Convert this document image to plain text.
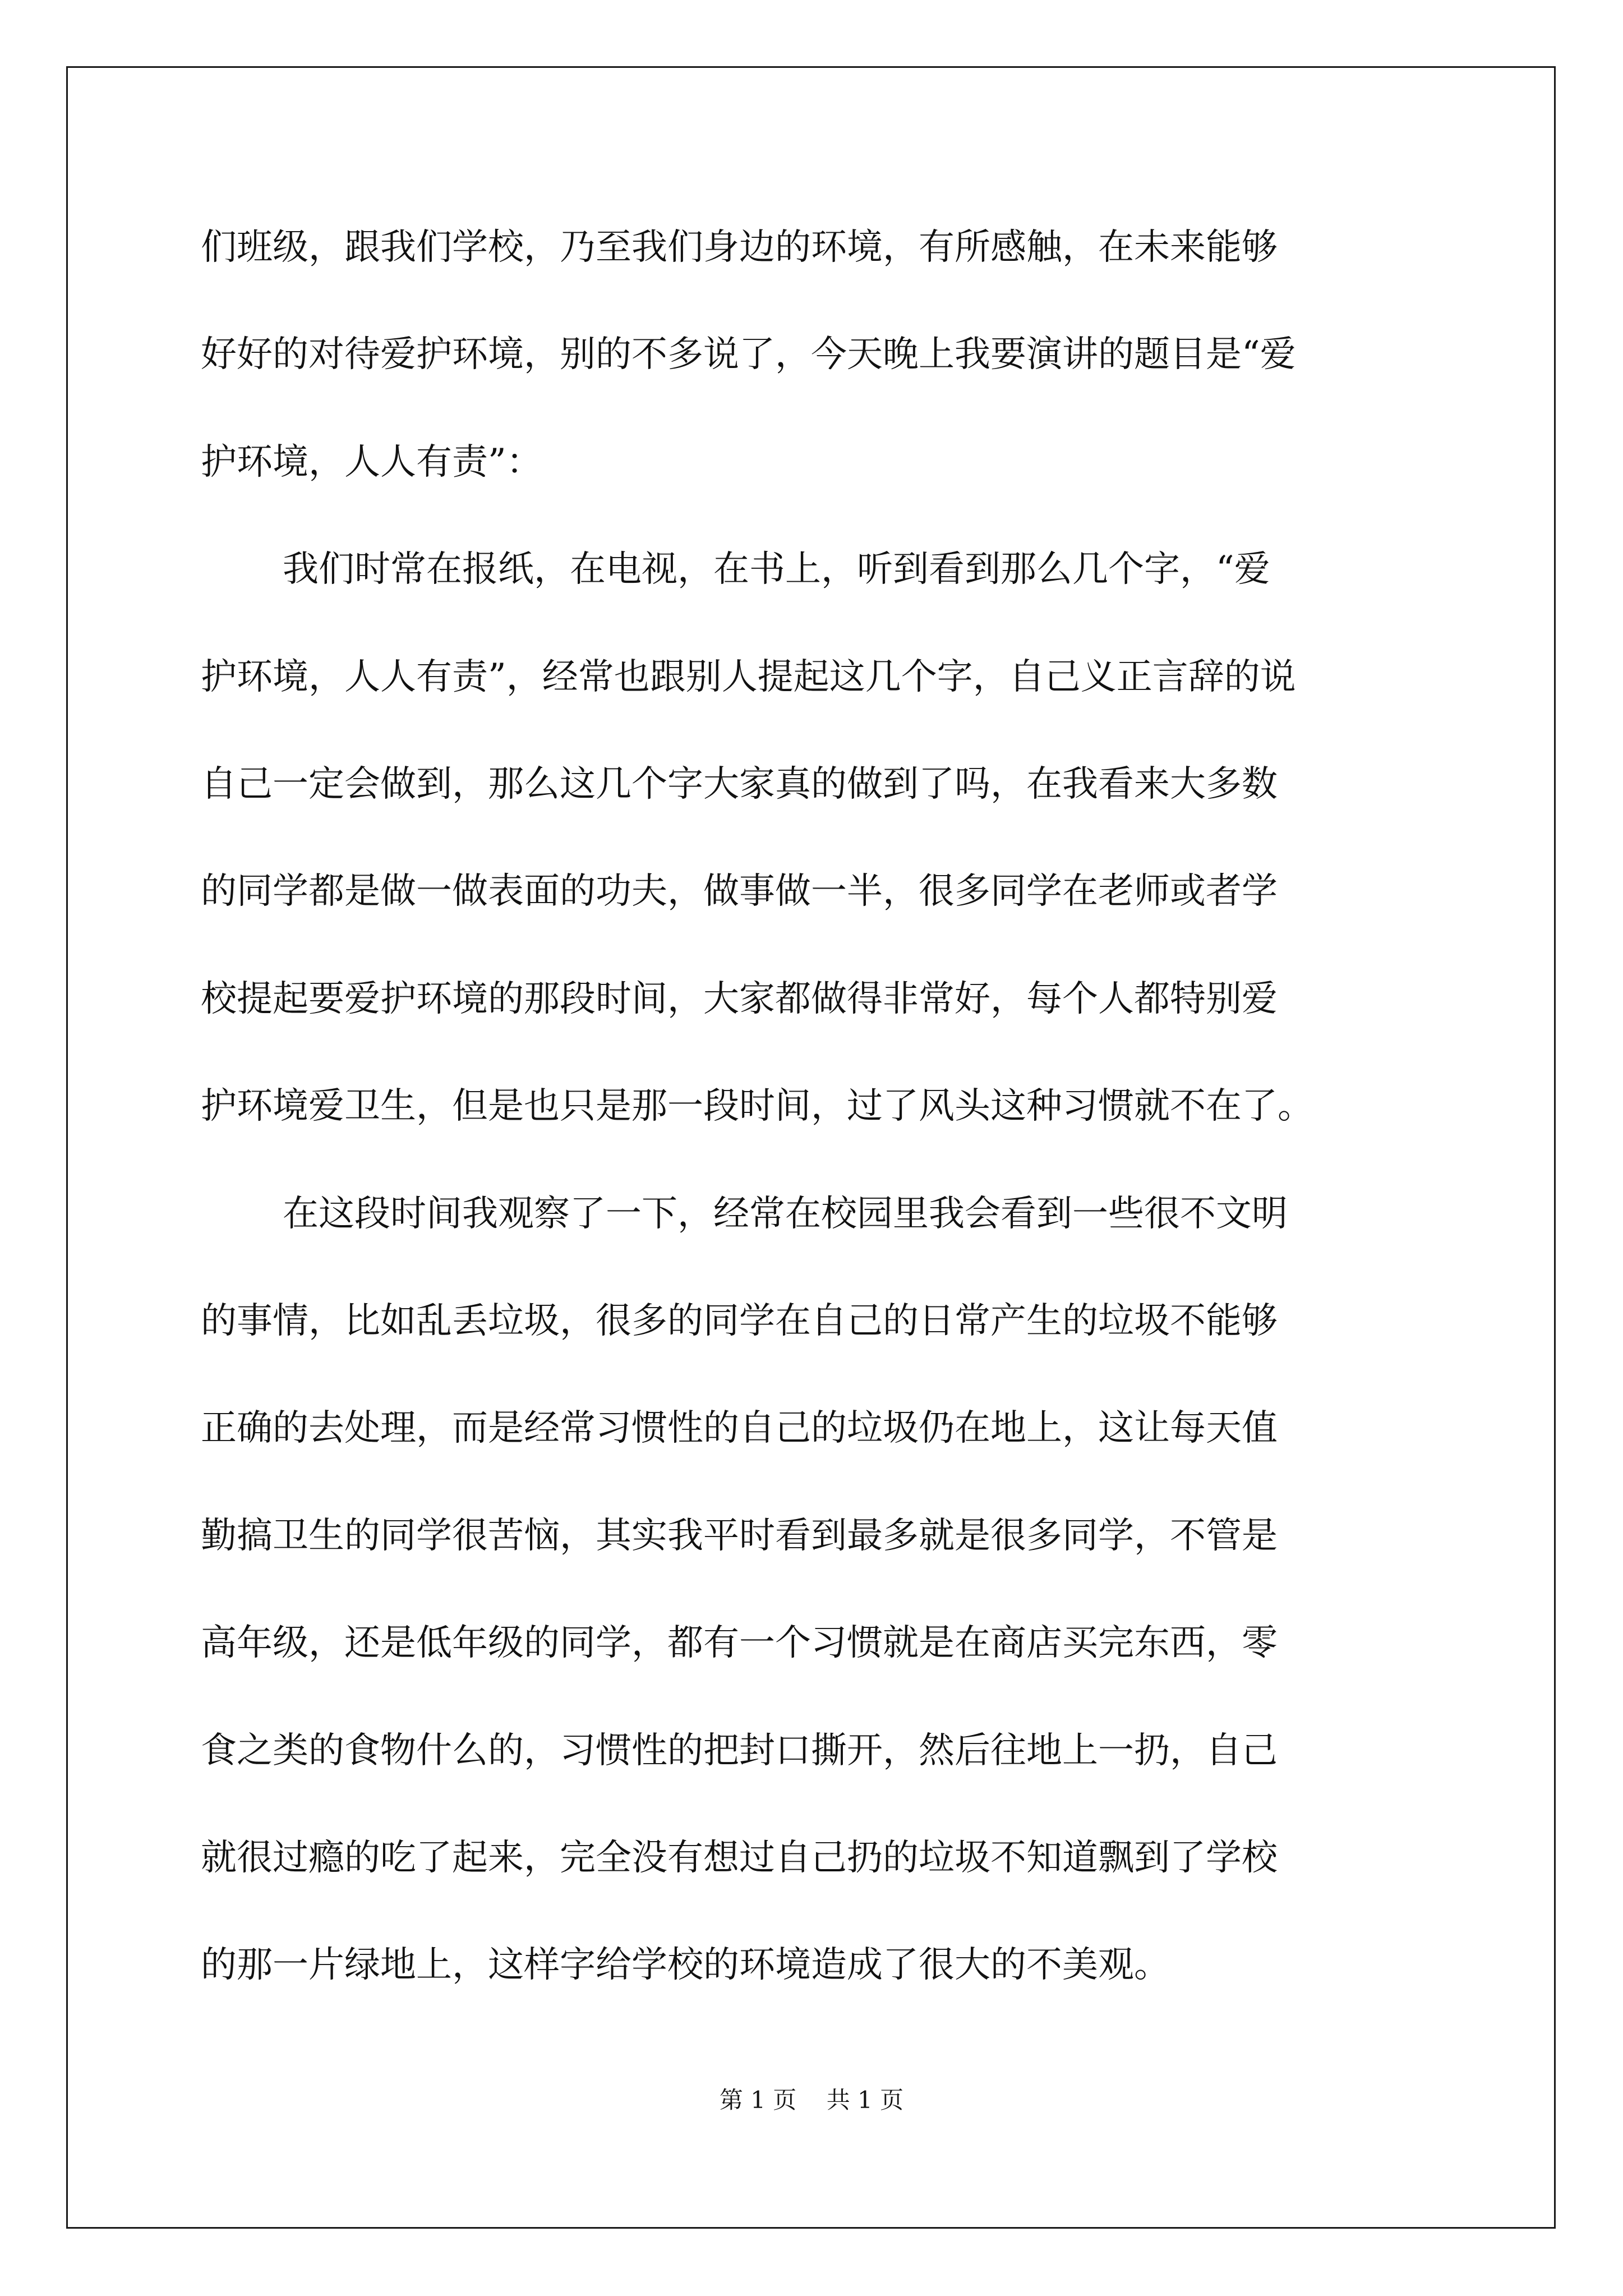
们班级，跟我们学校，乃至我们身边的环境，有所感触，在未来能够
好好的对待爱护环境，别的不多说了，今天晚上我要演讲的题目是“爱
护环境，人人有责”：
我们时常在报纸，在电视，在书上，听到看到那么几个字，“爱
护环境，人人有责”，经常也跟别人提起这几个字，自己义正言辞的说
自己一定会做到，那么这几个字大家真的做到了吗，在我看来大多数
的同学都是做一做表面的功夫，做事做一半，很多同学在老师或者学
校提起要爱护环境的那段时间，大家都做得非常好，每个人都特别爱
护环境爱卫生，但是也只是那一段时间，过了风头这种习惯就不在了。
在这段时间我观察了一下，经常在校园里我会看到一些很不文明
的事情，比如乱丢垃圾，很多的同学在自己的日常产生的垃圾不能够
正确的去处理，而是经常习惯性的自己的垃圾仍在地上，这让每天值
勤搞卫生的同学很苦恼，其实我平时看到最多就是很多同学，不管是
高年级，还是低年级的同学，都有一个习惯就是在商店买完东西，零
食之类的食物什么的，习惯性的把封口撕开，然后往地上一扔，自己
就很过瘾的吃了起来，完全没有想过自己扔的垃圾不知道飘到了学校
的那一片绿地上，这样字给学校的环境造成了很大的不美观。
第 1 页    共 1 页
